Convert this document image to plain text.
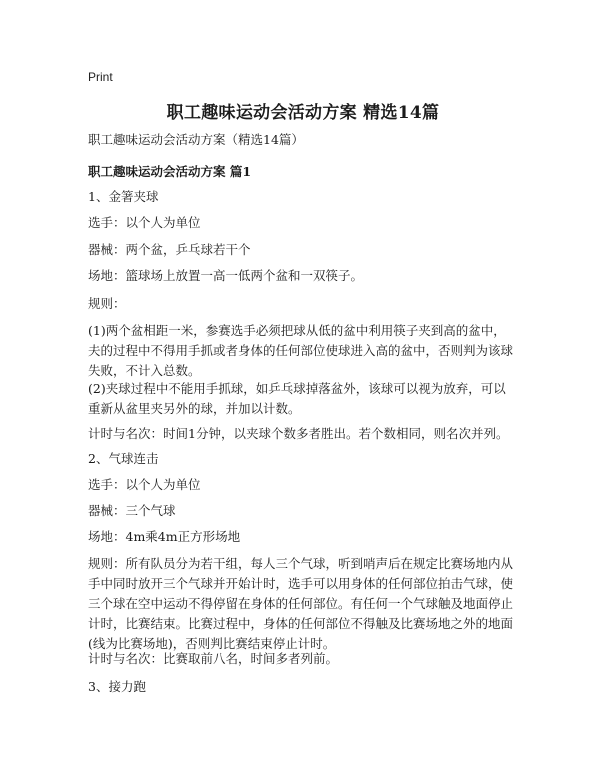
Print
职工趣味运动会活动方案 精选14篇

职工趣味运动会活动方案（精选14篇）

职工趣味运动会活动方案 篇1

1、金箸夹球

选手：以个人为单位

器械：两个盆，乒乓球若干个

场地：篮球场上放置一高一低两个盆和一双筷子。

规则：

(1)两个盆相距一米，参赛选手必须把球从低的盆中利用筷子夹到高的盆中，夫的过程中不得用手抓或者身体的任何部位使球进入高的盆中，否则判为该球失败，不计入总数。

(2)夹球过程中不能用手抓球，如乒乓球掉落盆外，该球可以视为放弃，可以重新从盆里夹另外的球，并加以计数。

计时与名次：时间1分钟，以夹球个数多者胜出。若个数相同，则名次并列。

2、气球连击

选手：以个人为单位

器械：三个气球

场地：4m乘4m正方形场地

规则：所有队员分为若干组，每人三个气球，听到哨声后在规定比赛场地内从手中同时放开三个气球并开始计时，选手可以用身体的任何部位拍击气球，使三个球在空中运动不得停留在身体的任何部位。有任何一个气球触及地面停止计时，比赛结束。比赛过程中，身体的任何部位不得触及比赛场地之外的地面(线为比赛场地)，否则判比赛结束停止计时。

计时与名次：比赛取前八名，时间多者列前。

3、接力跑
